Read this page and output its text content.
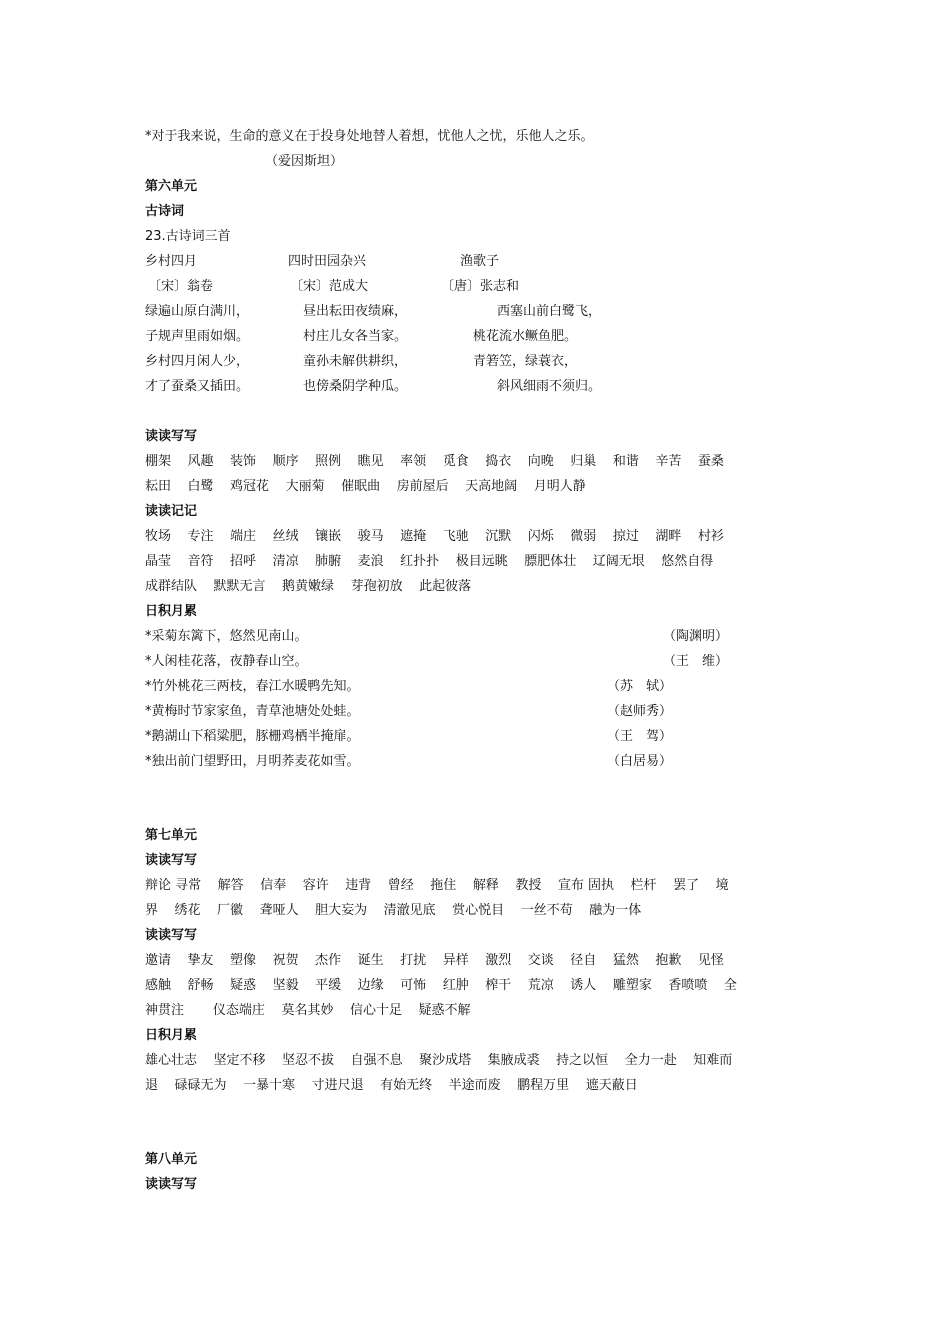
*对于我来说，生命的意义在于投身处地替人着想，忧他人之忧，乐他人之乐。
（爱因斯坦）
第六单元
古诗词
23.古诗词三首
乡村四月	四时田园杂兴	渔歌子
〔宋〕翁卷	〔宋〕范成大	〔唐〕张志和
绿遍山原白满川，	昼出耘田夜绩麻，	西塞山前白鹭飞，
子规声里雨如烟。	村庄儿女各当家。	桃花流水鳜鱼肥。
乡村四月闲人少，	童孙未解供耕织，	青箬笠，绿蓑衣，
才了蚕桑又插田。	也傍桑阴学种瓜。	斜风细雨不须归。
读读写写
棚架    风趣    装饰    顺序    照例    瞧见    率领    觅食    捣衣    向晚    归巢    和谐    辛苦    蚕桑
耘田    白鹭    鸡冠花    大丽菊    催眠曲    房前屋后    天高地阔    月明人静
读读记记
牧场    专注    端庄    丝绒    镶嵌    骏马    遮掩    飞驰    沉默    闪烁    微弱    掠过    湖畔    村衫
晶莹    音符    招呼    清凉    肺腑    麦浪    红扑扑    极目远眺    膘肥体壮    辽阔无垠    悠然自得
成群结队    默默无言    鹅黄嫩绿    芽孢初放    此起彼落
日积月累
*采菊东篱下，悠然见南山。	（陶渊明）
*人闲桂花落，夜静春山空。	（王　维）
*竹外桃花三两枝，春江水暖鸭先知。	（苏　轼）
*黄梅时节家家鱼，青草池塘处处蛙。	（赵师秀）
*鹅湖山下稻粱肥，豚栅鸡栖半掩扉。	（王　驾）
*独出前门望野田，月明荞麦花如雪。	（白居易）
第七单元
读读写写
辩论 寻常    解答    信奉    容许    违背    曾经    拖住    解释    教授    宣布 固执    栏杆    罢了    境
界    绣花    厂徽    聋哑人    胆大妄为    清澈见底    赏心悦目    一丝不苟    融为一体
读读写写
邀请    挚友    塑像    祝贺    杰作    诞生    打扰    异样    激烈    交谈    径自    猛然    抱歉    见怪
感触    舒畅    疑惑    坚毅    平缓    边缘    可怖    红肿    榨干    荒凉    诱人    雕塑家    香喷喷    全
神贯注       仪态端庄    莫名其妙    信心十足    疑惑不解
日积月累
雄心壮志    坚定不移    坚忍不拔    自强不息    聚沙成塔    集腋成裘    持之以恒    全力一赴    知难而
退    碌碌无为    一暴十寒    寸进尺退    有始无终    半途而废    鹏程万里    遮天蔽日
第八单元
读读写写
